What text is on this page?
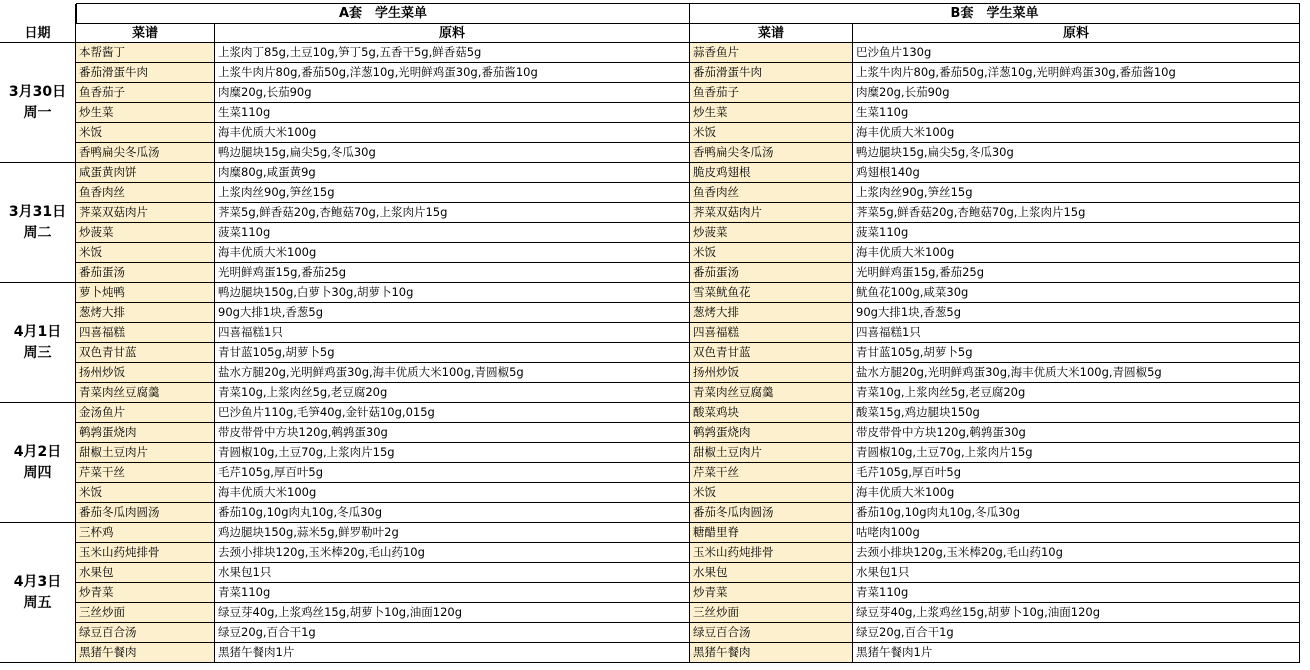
A套　学生菜单	B套　学生菜单
日期	菜谱	原料	菜谱	原料
3月30日
周一
本帮酱丁	上浆肉丁85g,土豆10g,笋丁5g,五香干5g,鲜香菇5g	蒜香鱼片	巴沙鱼片130g
番茄滑蛋牛肉	上浆牛肉片80g,番茄50g,洋葱10g,光明鲜鸡蛋30g,番茄酱10g	番茄滑蛋牛肉	上浆牛肉片80g,番茄50g,洋葱10g,光明鲜鸡蛋30g,番茄酱10g
鱼香茄子	肉糜20g,长茄90g	鱼香茄子	肉糜20g,长茄90g
炒生菜	生菜110g	炒生菜	生菜110g
米饭	海丰优质大米100g	米饭	海丰优质大米100g
香鸭扁尖冬瓜汤	鸭边腿块15g,扁尖5g,冬瓜30g	香鸭扁尖冬瓜汤	鸭边腿块15g,扁尖5g,冬瓜30g
3月31日
周二
咸蛋黄肉饼	肉糜80g,咸蛋黄9g	脆皮鸡翅根	鸡翅根140g
鱼香肉丝	上浆肉丝90g,笋丝15g	鱼香肉丝	上浆肉丝90g,笋丝15g
荠菜双菇肉片	荠菜5g,鲜香菇20g,杏鲍菇70g,上浆肉片15g	荠菜双菇肉片	荠菜5g,鲜香菇20g,杏鲍菇70g,上浆肉片15g
炒菠菜	菠菜110g	炒菠菜	菠菜110g
米饭	海丰优质大米100g	米饭	海丰优质大米100g
番茄蛋汤	光明鲜鸡蛋15g,番茄25g	番茄蛋汤	光明鲜鸡蛋15g,番茄25g
4月1日
周三
萝卜炖鸭	鸭边腿块150g,白萝卜30g,胡萝卜10g	雪菜鱿鱼花	鱿鱼花100g,咸菜30g
葱烤大排	90g大排1块,香葱5g	葱烤大排	90g大排1块,香葱5g
四喜福糕	四喜福糕1只	四喜福糕	四喜福糕1只
双色青甘蓝	青甘蓝105g,胡萝卜5g	双色青甘蓝	青甘蓝105g,胡萝卜5g
扬州炒饭	盐水方腿20g,光明鲜鸡蛋30g,海丰优质大米100g,青圆椒5g	扬州炒饭	盐水方腿20g,光明鲜鸡蛋30g,海丰优质大米100g,青圆椒5g
青菜肉丝豆腐羹	青菜10g,上浆肉丝5g,老豆腐20g	青菜肉丝豆腐羹	青菜10g,上浆肉丝5g,老豆腐20g
4月2日
周四
金汤鱼片	巴沙鱼片110g,毛笋40g,金针菇10g,015g	酸菜鸡块	酸菜15g,鸡边腿块150g
鹌鹑蛋烧肉	带皮带骨中方块120g,鹌鹑蛋30g	鹌鹑蛋烧肉	带皮带骨中方块120g,鹌鹑蛋30g
甜椒土豆肉片	青圆椒10g,土豆70g,上浆肉片15g	甜椒土豆肉片	青圆椒10g,土豆70g,上浆肉片15g
芹菜干丝	毛芹105g,厚百叶5g	芹菜干丝	毛芹105g,厚百叶5g
米饭	海丰优质大米100g	米饭	海丰优质大米100g
番茄冬瓜肉圆汤	番茄10g,10g肉丸10g,冬瓜30g	番茄冬瓜肉圆汤	番茄10g,10g肉丸10g,冬瓜30g
4月3日
周五
三杯鸡	鸡边腿块150g,蒜米5g,鲜罗勒叶2g	糖醋里脊	咕咾肉100g
玉米山药炖排骨	去颈小排块120g,玉米棒20g,毛山药10g	玉米山药炖排骨	去颈小排块120g,玉米棒20g,毛山药10g
水果包	水果包1只	水果包	水果包1只
炒青菜	青菜110g	炒青菜	青菜110g
三丝炒面	绿豆芽40g,上浆鸡丝15g,胡萝卜10g,油面120g	三丝炒面	绿豆芽40g,上浆鸡丝15g,胡萝卜10g,油面120g
绿豆百合汤	绿豆20g,百合干1g	绿豆百合汤	绿豆20g,百合干1g
黑猪午餐肉	黑猪午餐肉1片	黑猪午餐肉	黑猪午餐肉1片
